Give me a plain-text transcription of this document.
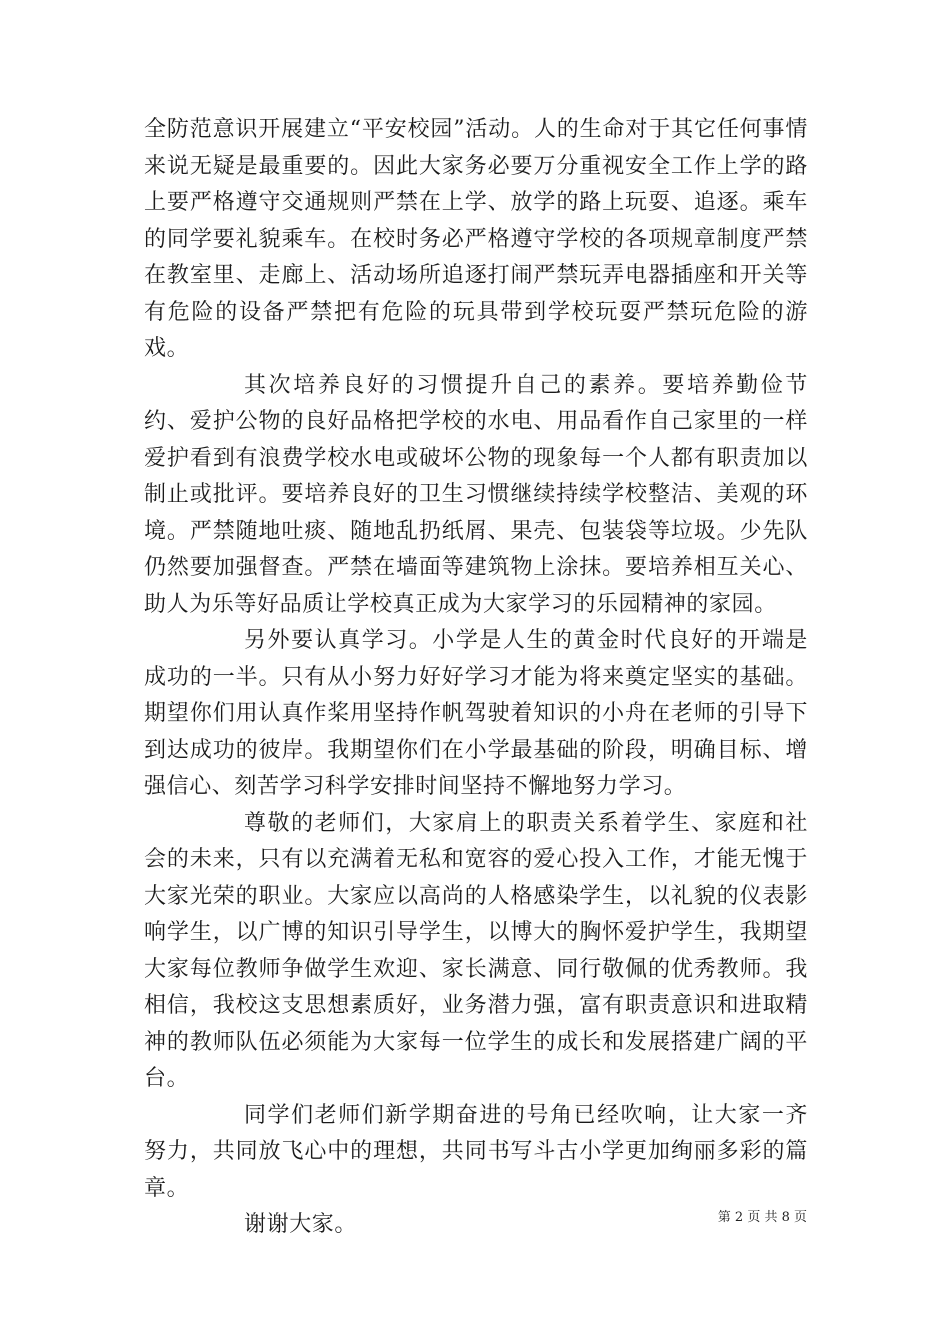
全防范意识开展建立“平安校园”活动。人的生命对于其它任何事情来说无疑是最重要的。因此大家务必要万分重视安全工作上学的路上要严格遵守交通规则严禁在上学、放学的路上玩耍、追逐。乘车的同学要礼貌乘车。在校时务必严格遵守学校的各项规章制度严禁在教室里、走廊上、活动场所追逐打闹严禁玩弄电器插座和开关等有危险的设备严禁把有危险的玩具带到学校玩耍严禁玩危险的游戏。

其次培养良好的习惯提升自己的素养。要培养勤俭节约、爱护公物的良好品格把学校的水电、用品看作自己家里的一样爱护看到有浪费学校水电或破坏公物的现象每一个人都有职责加以制止或批评。要培养良好的卫生习惯继续持续学校整洁、美观的环境。严禁随地吐痰、随地乱扔纸屑、果壳、包装袋等垃圾。少先队仍然要加强督查。严禁在墙面等建筑物上涂抹。要培养相互关心、助人为乐等好品质让学校真正成为大家学习的乐园精神的家园。

另外要认真学习。小学是人生的黄金时代良好的开端是成功的一半。只有从小努力好好学习才能为将来奠定坚实的基础。期望你们用认真作桨用坚持作帆驾驶着知识的小舟在老师的引导下到达成功的彼岸。我期望你们在小学最基础的阶段，明确目标、增强信心、刻苦学习科学安排时间坚持不懈地努力学习。

尊敬的老师们，大家肩上的职责关系着学生、家庭和社会的未来，只有以充满着无私和宽容的爱心投入工作，才能无愧于大家光荣的职业。大家应以高尚的人格感染学生，以礼貌的仪表影响学生，以广博的知识引导学生，以博大的胸怀爱护学生，我期望大家每位教师争做学生欢迎、家长满意、同行敬佩的优秀教师。我相信，我校这支思想素质好，业务潜力强，富有职责意识和进取精神的教师队伍必须能为大家每一位学生的成长和发展搭建广阔的平台。

同学们老师们新学期奋进的号角已经吹响，让大家一齐努力，共同放飞心中的理想，共同书写斗古小学更加绚丽多彩的篇章。

谢谢大家。	第 2 页 共 8 页
